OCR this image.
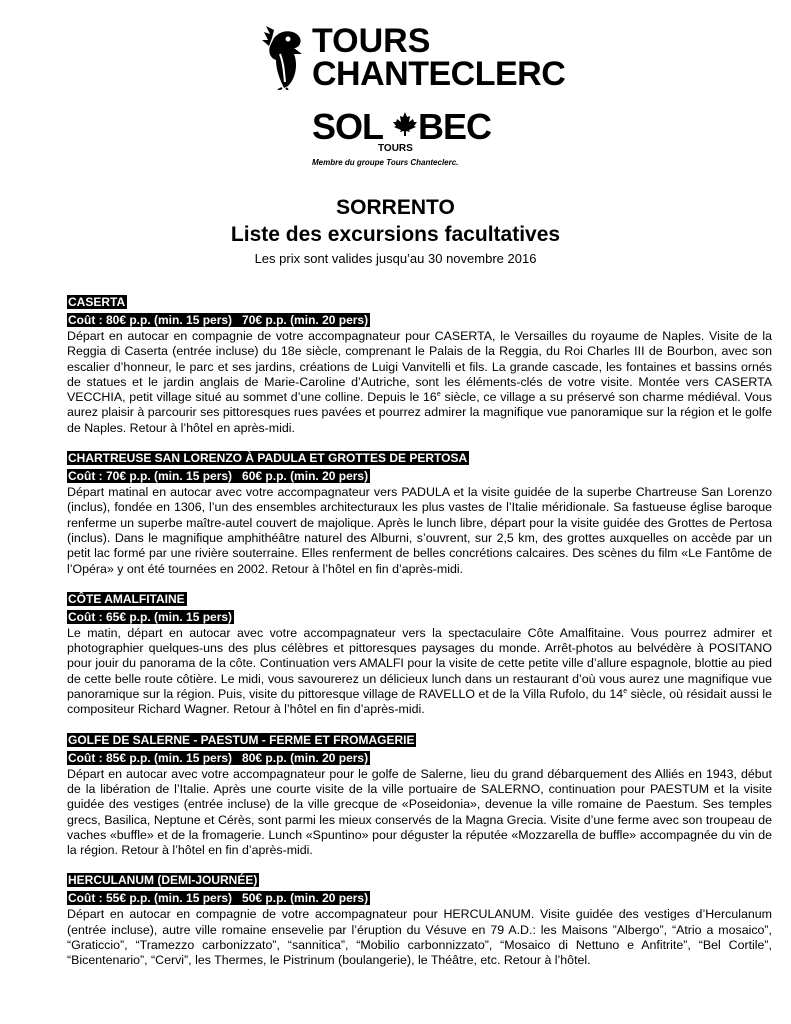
TOURS
CHANTECLERC
SOL BEC
TOURS
Membre du groupe Tours Chanteclerc.
SORRENTO
Liste des excursions facultatives
Les prix sont valides jusqu’au 30 novembre 2016
CASERTA
Coût : 80€ p.p. (min. 15 pers) 70€ p.p. (min. 20 pers)

Départ en autocar en compagnie de votre accompagnateur pour CASERTA, le Versailles du royaume de Naples. Visite de la Reggia di Caserta (entrée incluse) du 18e siècle, comprenant le Palais de la Reggia, du Roi Charles III de Bourbon, avec son escalier d’honneur, le parc et ses jardins, créations de Luigi Vanvitelli et fils. La grande cascade, les fontaines et bassins ornés de statues et le jardin anglais de Marie-Caroline d’Autriche, sont les éléments-clés de votre visite. Montée vers CASERTA VECCHIA, petit village situé au sommet d’une colline. Depuis le 16e siècle, ce village a su préservé son charme médiéval. Vous aurez plaisir à parcourir ses pittoresques rues pavées et pourrez admirer la magnifique vue panoramique sur la région et le golfe de Naples. Retour à l’hôtel en après-midi.

CHARTREUSE SAN LORENZO À PADULA ET GROTTES DE PERTOSA
Coût : 70€ p.p. (min. 15 pers) 60€ p.p. (min. 20 pers)

Départ matinal en autocar avec votre accompagnateur vers PADULA et la visite guidée de la superbe Chartreuse San Lorenzo (inclus), fondée en 1306, l’un des ensembles architecturaux les plus vastes de l’Italie méridionale. Sa fastueuse église baroque renferme un superbe maître-autel couvert de majolique. Après le lunch libre, départ pour la visite guidée des Grottes de Pertosa (inclus). Dans le magnifique amphithéâtre naturel des Alburni, s’ouvrent, sur 2,5 km, des grottes auxquelles on accède par un petit lac formé par une rivière souterraine. Elles renferment de belles concrétions calcaires. Des scènes du film «Le Fantôme de l’Opéra» y ont été tournées en 2002. Retour à l’hôtel en fin d’après-midi.

CÔTE AMALFITAINE
Coût : 65€ p.p. (min. 15 pers)

Le matin, départ en autocar avec votre accompagnateur vers la spectaculaire Côte Amalfitaine. Vous pourrez admirer et photographier quelques-uns des plus célèbres et pittoresques paysages du monde. Arrêt-photos au belvédère à POSITANO pour jouir du panorama de la côte. Continuation vers AMALFI pour la visite de cette petite ville d’allure espagnole, blottie au pied de cette belle route côtière. Le midi, vous savourerez un délicieux lunch dans un restaurant d’où vous aurez une magnifique vue panoramique sur la région. Puis, visite du pittoresque village de RAVELLO et de la Villa Rufolo, du 14e siècle, où résidait aussi le compositeur Richard Wagner. Retour à l’hôtel en fin d’après-midi.

GOLFE DE SALERNE - PAESTUM - FERME ET FROMAGERIE
Coût : 85€ p.p. (min. 15 pers) 80€ p.p. (min. 20 pers)

Départ en autocar avec votre accompagnateur pour le golfe de Salerne, lieu du grand débarquement des Alliés en 1943, début de la libération de l’Italie. Après une courte visite de la ville portuaire de SALERNO, continuation pour PAESTUM et la visite guidée des vestiges (entrée incluse) de la ville grecque de «Poseidonia», devenue la ville romaine de Paestum. Ses temples grecs, Basilica, Neptune et Cérès, sont parmi les mieux conservés de la Magna Grecia. Visite d’une ferme avec son troupeau de vaches «buffle» et de la fromagerie. Lunch «Spuntino» pour déguster la réputée «Mozzarella de buffle» accompagnée du vin de la région. Retour à l’hôtel en fin d’après-midi.

HERCULANUM (DEMI-JOURNÉE)
Coût : 55€ p.p. (min. 15 pers) 50€ p.p. (min. 20 pers)

Départ en autocar en compagnie de votre accompagnateur pour HERCULANUM. Visite guidée des vestiges d’Herculanum (entrée incluse), autre ville romaine ensevelie par l’éruption du Vésuve en 79 A.D.: les Maisons ”Albergo”, “Atrio a mosaico”, “Graticcio”, “Tramezzo carbonizzato”, “sannitica”, “Mobilio carbonnizzato”, “Mosaico di Nettuno e Anfitrite”, “Bel Cortile”, “Bicentenario”, “Cervi”, les Thermes, le Pistrinum (boulangerie), le Théâtre, etc. Retour à l’hôtel.
